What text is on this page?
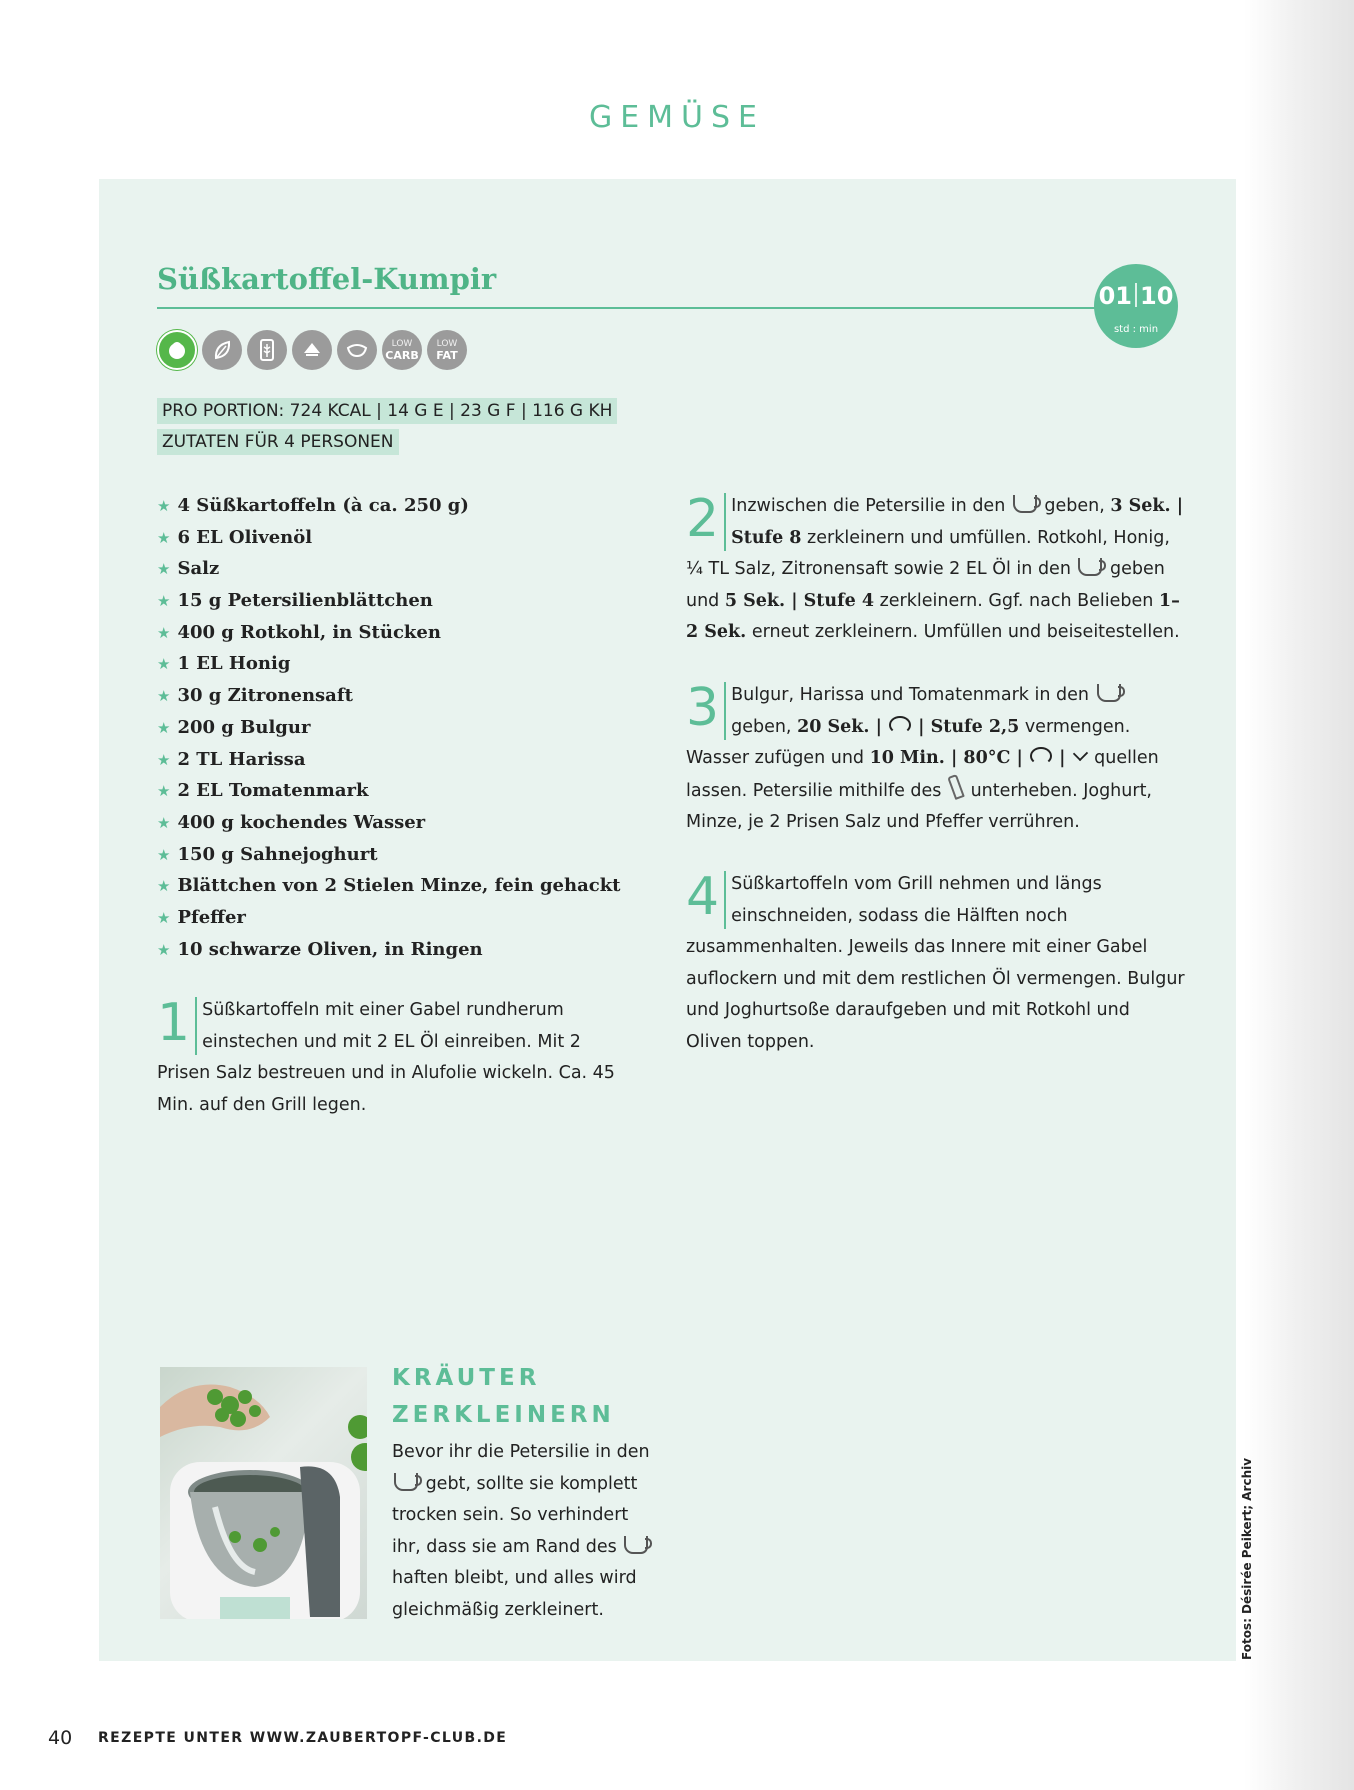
GEMÜSE
Süßkartoffel-Kumpir	01 10
std : min
LOW
CARB
LOW
FAT
PRO PORTION: 724 KCAL | 14 G E | 23 G F | 116 G KH
ZUTATEN FÜR 4 PERSONEN
★ 4 Süßkartoffeln (à ca. 250 g)
★ 6 EL Olivenöl
★ Salz
★ 15 g Petersilienblättchen
★ 400 g Rotkohl, in Stücken
★ 1 EL Honig
★ 30 g Zitronensaft
★ 200 g Bulgur
★ 2 TL Harissa
★ 2 EL Tomatenmark
★ 400 g kochendes Wasser
★ 150 g Sahnejoghurt
★ Blättchen von 2 Stielen Minze, fein gehackt
★ Pfeffer
★ 10 schwarze Oliven, in Ringen

1 Süßkartoffeln mit einer Gabel rundherum einstechen und mit 2 EL Öl einreiben. Mit 2 Prisen Salz bestreuen und in Alufolie wickeln. Ca. 45 Min. auf den Grill legen.

2 Inzwischen die Petersilie in den  geben, 3 Sek. | Stufe 8 zerkleinern und umfüllen. Rotkohl, Honig, ¼ TL Salz, Zitronensaft sowie 2 EL Öl in den  geben und 5 Sek. | Stufe 4 zerkleinern. Ggf. nach Belieben 1–2 Sek. erneut zerkleinern. Umfüllen und beiseitestellen.

3 Bulgur, Harissa und Tomatenmark in den  geben, 20 Sek. |  | Stufe 2,5 vermengen. Wasser zufügen und 10 Min. | 80°C |  |  quellen lassen. Petersilie mithilfe des  unterheben. Joghurt, Minze, je 2 Prisen Salz und Pfeffer verrühren.

4 Süßkartoffeln vom Grill nehmen und längs einschneiden, sodass die Hälften noch zusammenhalten. Jeweils das Innere mit einer Gabel auflockern und mit dem restlichen Öl vermengen. Bulgur und Joghurtsoße daraufgeben und mit Rotkohl und Oliven toppen.

KRÄUTER
ZERKLEINERN

Bevor ihr die Petersilie in den  gebt, sollte sie komplett trocken sein. So verhindert ihr, dass sie am Rand des  haften bleibt, und alles wird gleichmäßig zerkleinert.	Fotos: Désirée Peikert; Archiv
40 REZEPTE UNTER WWW.ZAUBERTOPF-CLUB.DE
